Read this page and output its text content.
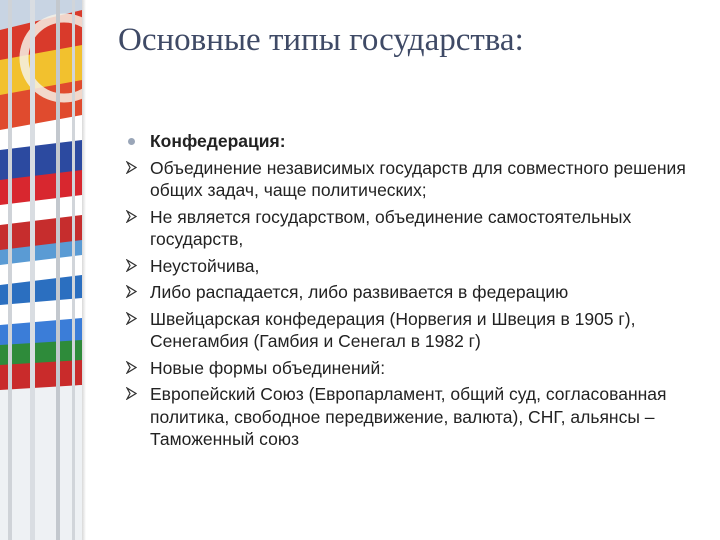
Основные типы государства:
Конфедерация:
Объединение независимых государств для совместного решения общих задач, чаще политических;
Не является государством, объединение самостоятельных государств,
Неустойчива,
Либо распадается, либо развивается в федерацию
Швейцарская конфедерация (Норвегия и Швеция в 1905 г), Сенегамбия (Гамбия и Сенегал в 1982 г)
Новые формы объединений:
Европейский Союз (Европарламент, общий суд, согласованная политика, свободное передвижение, валюта), СНГ, альянсы – Таможенный союз
